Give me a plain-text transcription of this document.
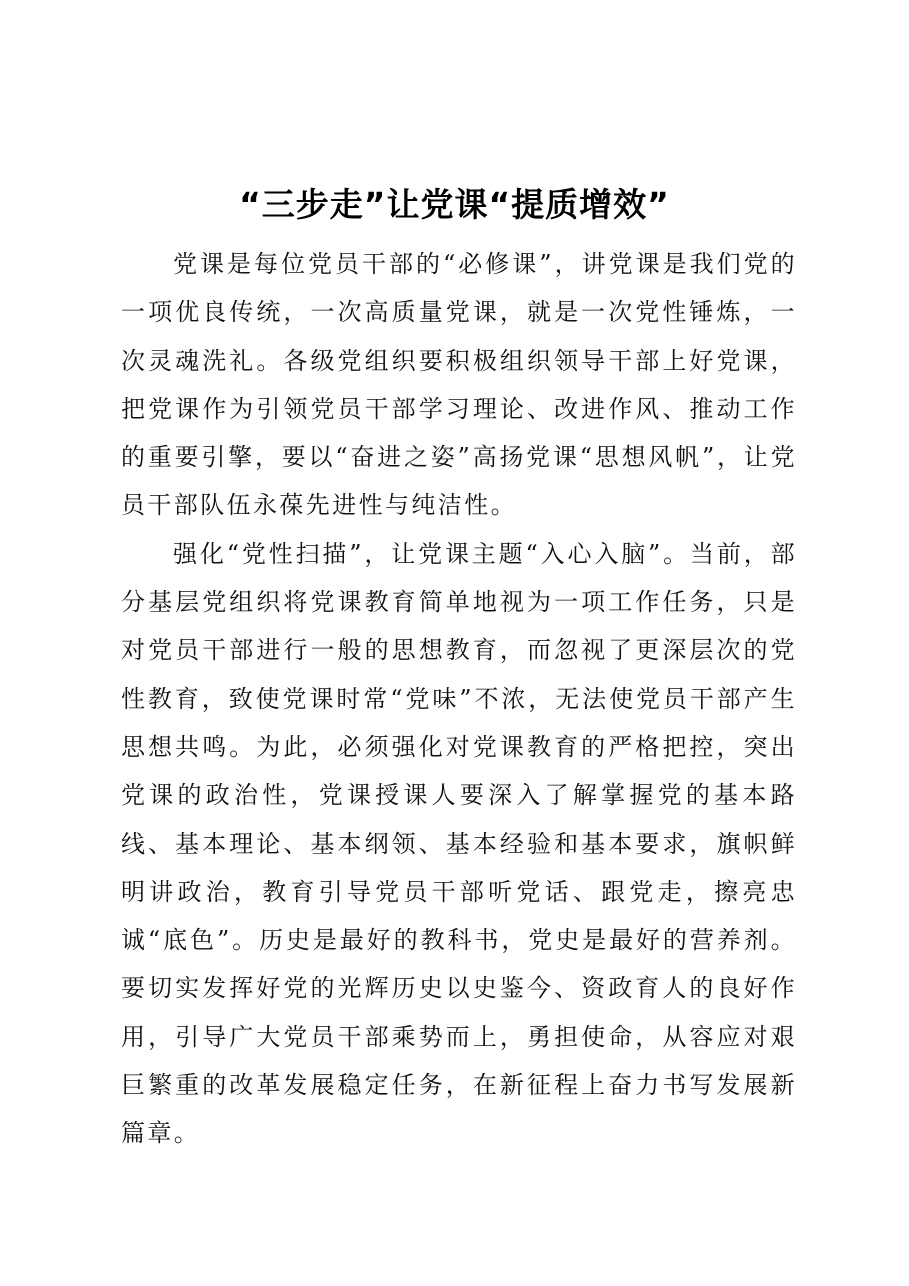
“三步走”让党课“提质增效”

党课是每位党员干部的“必修课”，讲党课是我们党的一项优良传统，一次高质量党课，就是一次党性锤炼，一次灵魂洗礼。各级党组织要积极组织领导干部上好党课，把党课作为引领党员干部学习理论、改进作风、推动工作的重要引擎，要以“奋进之姿”高扬党课“思想风帆”，让党员干部队伍永葆先进性与纯洁性。

强化“党性扫描”，让党课主题“入心入脑”。当前，部分基层党组织将党课教育简单地视为一项工作任务，只是对党员干部进行一般的思想教育，而忽视了更深层次的党性教育，致使党课时常“党味”不浓，无法使党员干部产生思想共鸣。为此，必须强化对党课教育的严格把控，突出党课的政治性，党课授课人要深入了解掌握党的基本路线、基本理论、基本纲领、基本经验和基本要求，旗帜鲜明讲政治，教育引导党员干部听党话、跟党走，擦亮忠诚“底色”。历史是最好的教科书，党史是最好的营养剂。要切实发挥好党的光辉历史以史鉴今、资政育人的良好作用，引导广大党员干部乘势而上，勇担使命，从容应对艰巨繁重的改革发展稳定任务，在新征程上奋力书写发展新篇章。
